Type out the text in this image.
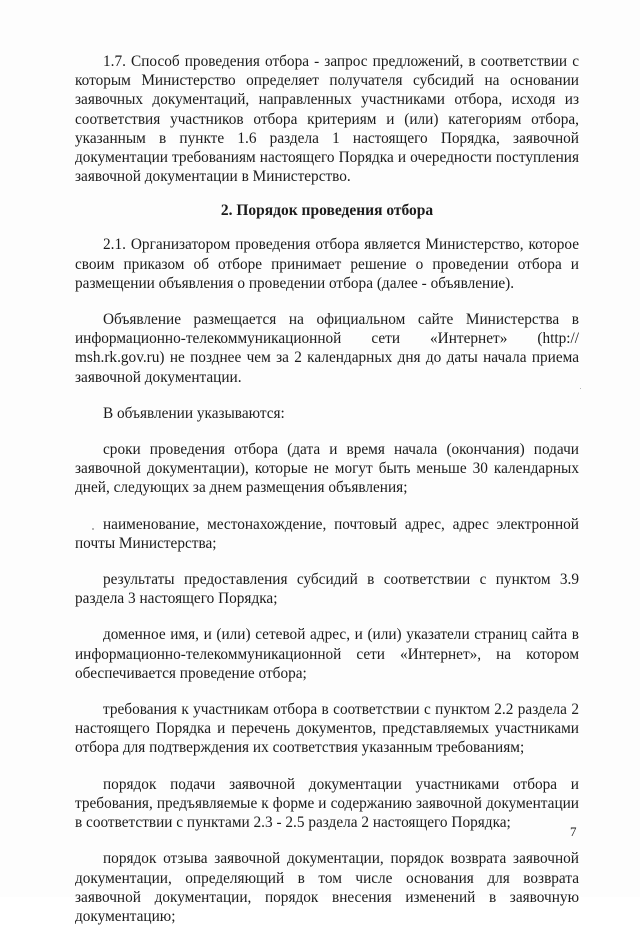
1.7. Способ проведения отбора - запрос предложений, в соответствии с которым Министерство определяет получателя субсидий на основании заявочных документаций, направленных участниками отбора, исходя из соответствия участников отбора критериям и (или) категориям отбора, указанным в пункте 1.6 раздела 1 настоящего Порядка, заявочной документации требованиям настоящего Порядка и очередности поступления заявочной документации в Министерство.

2. Порядок проведения отбора

2.1. Организатором проведения отбора является Министерство, которое своим приказом об отборе принимает решение о проведении отбора и размещении объявления о проведении отбора (далее - объявление).

Объявление размещается на официальном сайте Министерства в информационно-телекоммуникационной сети «Интернет» (http:// msh.rk.gov.ru) не позднее чем за 2 календарных дня до даты начала приема заявочной документации.

В объявлении указываются:

сроки проведения отбора (дата и время начала (окончания) подачи заявочной документации), которые не могут быть меньше 30 календарных дней, следующих за днем размещения объявления;

наименование, местонахождение, почтовый адрес, адрес электронной почты Министерства;

результаты предоставления субсидий в соответствии с пунктом 3.9 раздела 3 настоящего Порядка;

доменное имя, и (или) сетевой адрес, и (или) указатели страниц сайта в информационно-телекоммуникационной сети «Интернет», на котором обеспечивается проведение отбора;

требования к участникам отбора в соответствии с пунктом 2.2 раздела 2 настоящего Порядка и перечень документов, представляемых участниками отбора для подтверждения их соответствия указанным требованиям;

порядок подачи заявочной документации участниками отбора и требования, предъявляемые к форме и содержанию заявочной документации в соответствии с пунктами 2.3 - 2.5 раздела 2 настоящего Порядка;

порядок отзыва заявочной документации, порядок возврата заявочной документации, определяющий в том числе основания для возврата заявочной документации, порядок внесения изменений в заявочную документацию;

7
